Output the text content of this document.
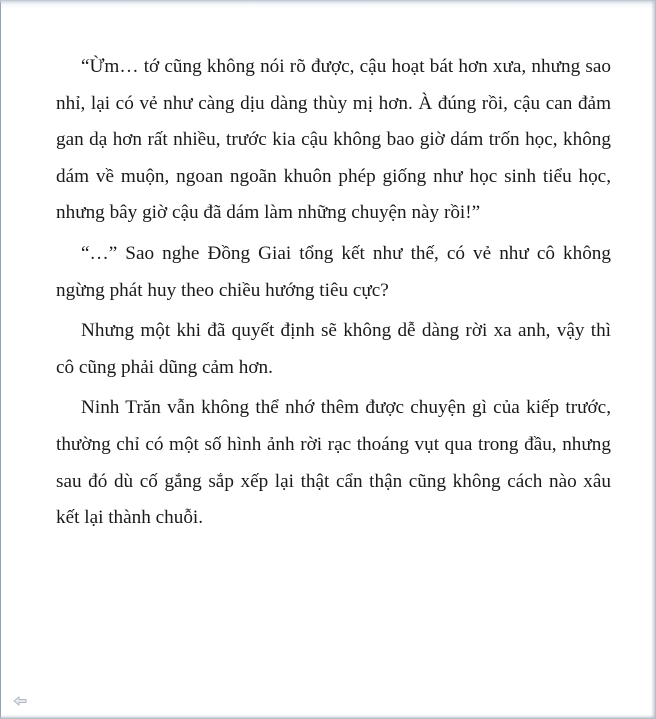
“Ừm… tớ cũng không nói rõ được, cậu hoạt bát hơn xưa, nhưng sao nhỉ, lại có vẻ như càng dịu dàng thùy mị hơn. À đúng rồi, cậu can đảm gan dạ hơn rất nhiều, trước kia cậu không bao giờ dám trốn học, không dám về muộn, ngoan ngoãn khuôn phép giống như học sinh tiểu học, nhưng bây giờ cậu đã dám làm những chuyện này rồi!”

“…” Sao nghe Đồng Giai tổng kết như thế, có vẻ như cô không ngừng phát huy theo chiều hướng tiêu cực?

Nhưng một khi đã quyết định sẽ không dễ dàng rời xa anh, vậy thì cô cũng phải dũng cảm hơn.

Ninh Trăn vẫn không thể nhớ thêm được chuyện gì của kiếp trước, thường chỉ có một số hình ảnh rời rạc thoáng vụt qua trong đầu, nhưng sau đó dù cố gắng sắp xếp lại thật cẩn thận cũng không cách nào xâu kết lại thành chuỗi.
